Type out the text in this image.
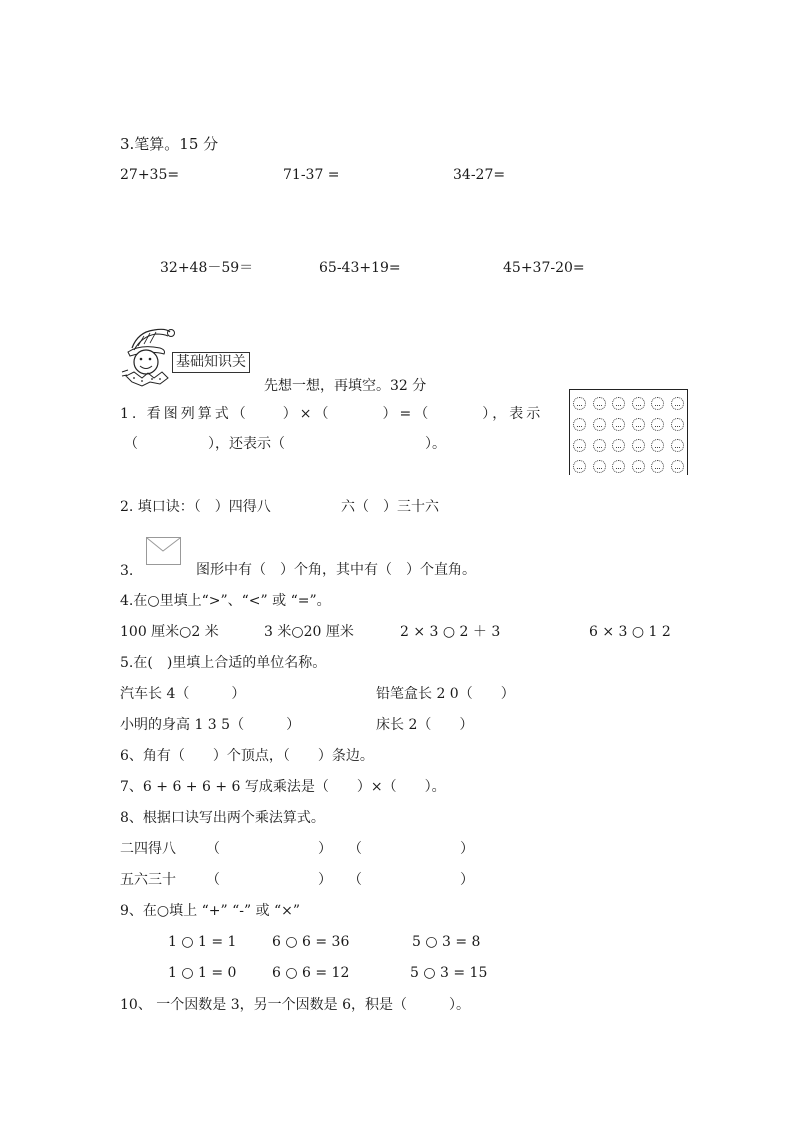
3.笔算。15 分
27+35=	71-37 =	34-27=
32+48－59＝	65-43+19=	45+37-20=
基础知识关
先想一想，再填空。32 分
1. 看图列算式（　　）×（　　　）=（　　　），表示
（　　　　　），还表示（　　　　　　　　　　）。
2. 填口诀：（　）四得八	六（　）三十六
3.	图形中有（　）个角，其中有（　）个直角。
4.在○里填上“>”、“<” 或 “=”。
100 厘米○2 米	3 米○20 厘米	2 × 3 ○ 2 ＋ 3	6 × 3 ○ 1 2
5.在(　)里填上合适的单位名称。
汽车长 4（　　　）	铅笔盒长 2 0（　　）
小明的身高 1 3 5（　　　）	床长 2（　　）
6、角有（　　）个顶点，（　　）条边。
7、6 + 6 + 6 + 6 写成乘法是（　　）×（　　）。
8、根据口诀写出两个乘法算式。
二四得八 （　　　　　　　） （　　　　　　　）
五六三十 （　　　　　　　） （　　　　　　　）
9、在○填上 “+” “-” 或 “×”
1 ○ 1 = 1	6 ○ 6 = 36	5 ○ 3 = 8
1 ○ 1 = 0	6 ○ 6 = 12	5 ○ 3 = 15
10、 一个因数是 3，另一个因数是 6，积是（　　　）。
